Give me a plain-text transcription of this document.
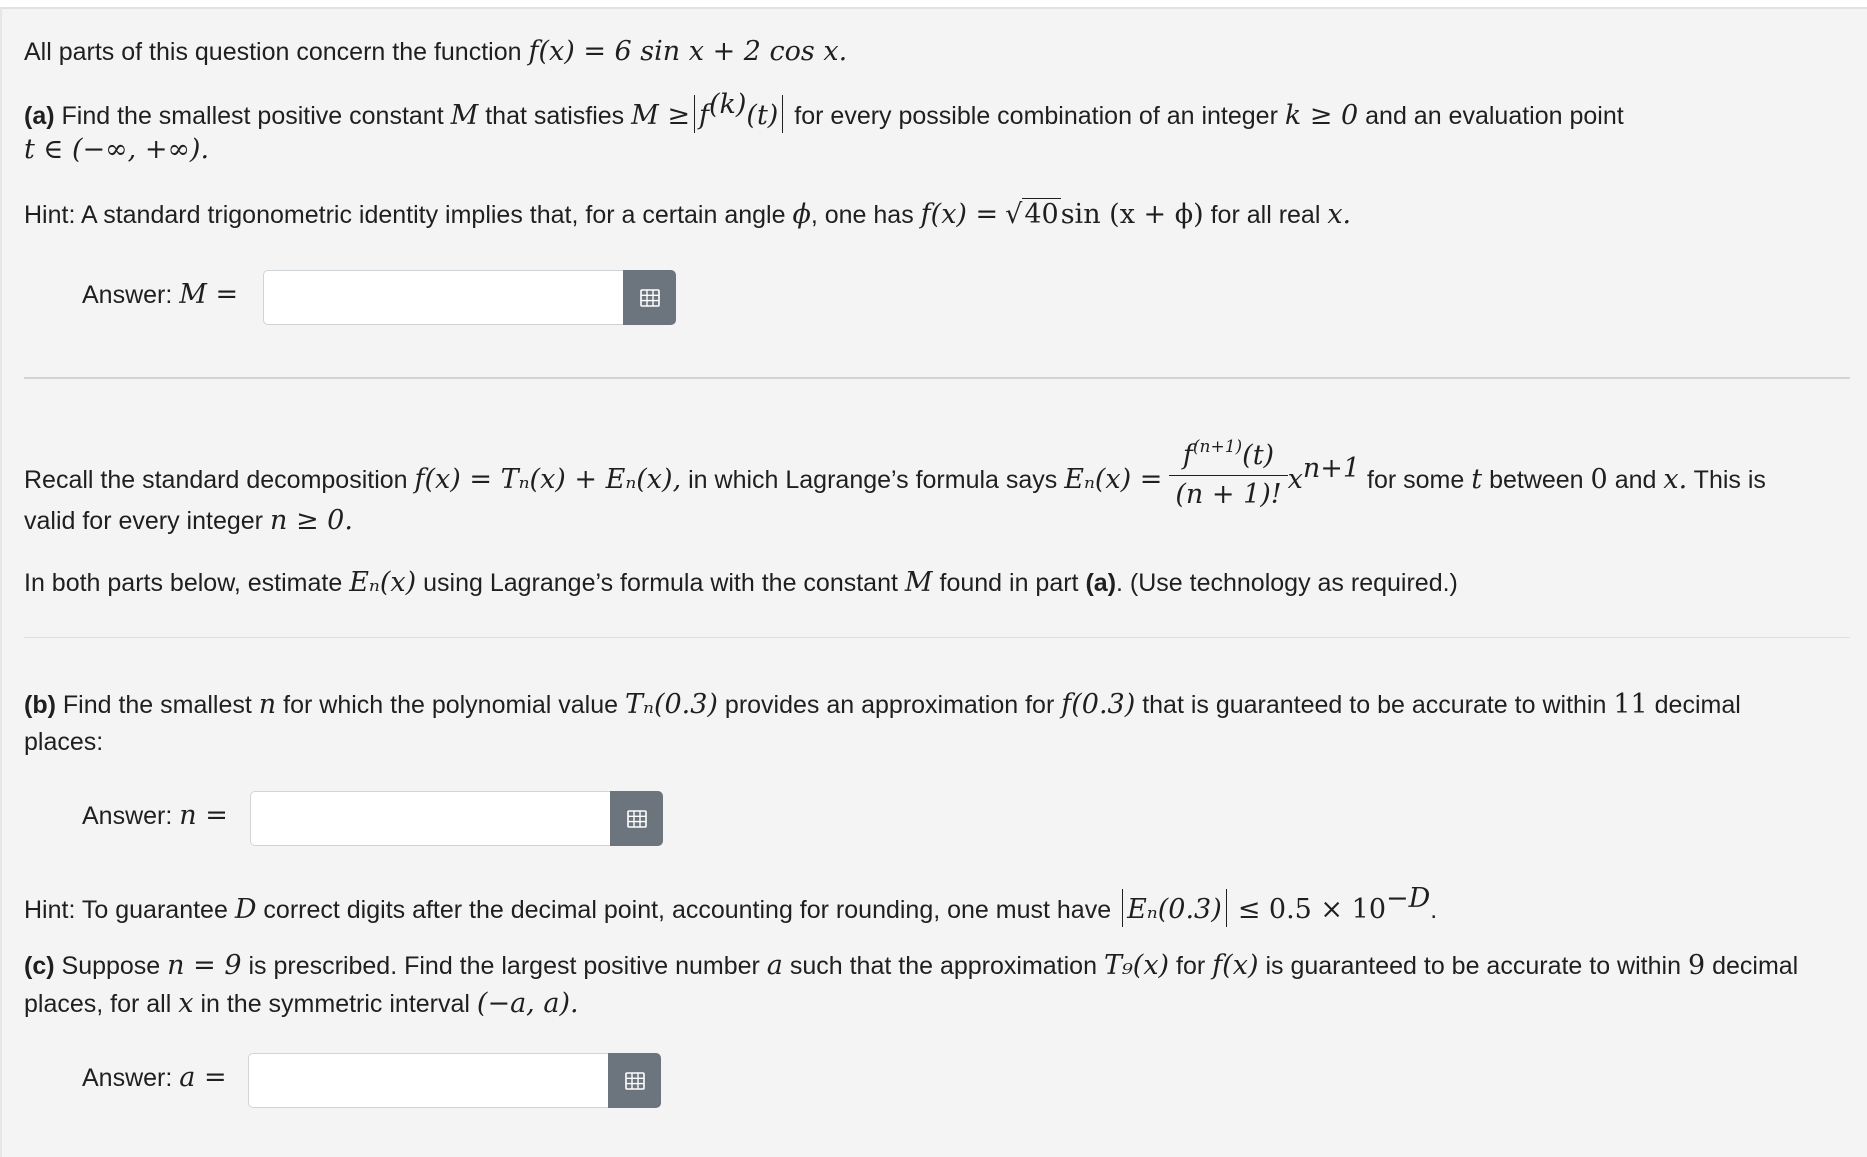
All parts of this question concern the function f(x) = 6 sin x + 2 cos x.
(a) Find the smallest positive constant M that satisfies $M \ge f^{(k)}(t)$ for every possible combination of an integer k ≥ 0 and an evaluation point
t ∈ (−∞, +∞).
Hint: A standard trigonometric identity implies that, for a certain angle ϕ, one has f(x) = √40sin (x + ϕ) for all real x.
Answer: M =
Recall the standard decomposition f(x) = Tₙ(x) + Eₙ(x), in which Lagrange’s formula says $E_n(x) = \frac{f^{(n+1)}(t)}{(n + 1)!} x^{n+1}$ for some t between 0 and x. This is
valid for every integer n ≥ 0.
In both parts below, estimate Eₙ(x) using Lagrange’s formula with the constant M found in part (a). (Use technology as required.)
(b) Find the smallest n for which the polynomial value Tₙ(0.3) provides an approximation for f(0.3) that is guaranteed to be accurate to within 11 decimal
places:
Answer: n =
Hint: To guarantee D correct digits after the decimal point, accounting for rounding, one must have $E_n(0.3) \le 0.5 \times 10^{-D}$.
(c) Suppose n = 9 is prescribed. Find the largest positive number a such that the approximation T₉(x) for f(x) is guaranteed to be accurate to within 9 decimal
places, for all x in the symmetric interval (−a, a).
Answer: a =
